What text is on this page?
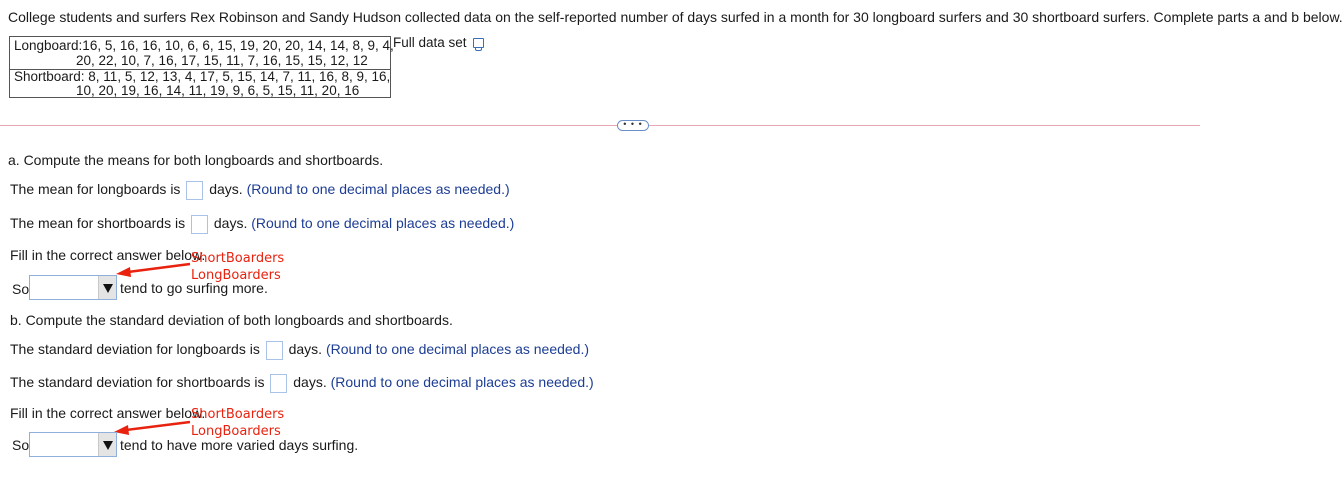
College students and surfers Rex Robinson and Sandy Hudson collected data on the self-reported number of days surfed in a month for 30 longboard surfers and 30 shortboard surfers. Complete parts a and b below.
Longboard:16, 5, 16, 16, 10, 6, 6, 15, 19, 20, 20, 14, 14, 8, 9, 4,
20, 22, 10, 7, 16, 17, 15, 11, 7, 16, 15, 15, 12, 12
Shortboard: 8, 11, 5, 12, 13, 4, 17, 5, 15, 14, 7, 11, 16, 8, 9, 16,
10, 20, 19, 16, 14, 11, 19, 9, 6, 5, 15, 11, 20, 16
Full data set
• • •
a. Compute the means for both longboards and shortboards.
The mean for longboards is days. (Round to one decimal places as needed.)
The mean for shortboards is days. (Round to one decimal places as needed.)
Fill in the correct answer below.
ShortBoarders
LongBoarders
So	tend to go surfing more.
b. Compute the standard deviation of both longboards and shortboards.
The standard deviation for longboards is days. (Round to one decimal places as needed.)
The standard deviation for shortboards is days. (Round to one decimal places as needed.)
Fill in the correct answer below.
ShortBoarders
LongBoarders
So	tend to have more varied days surfing.
